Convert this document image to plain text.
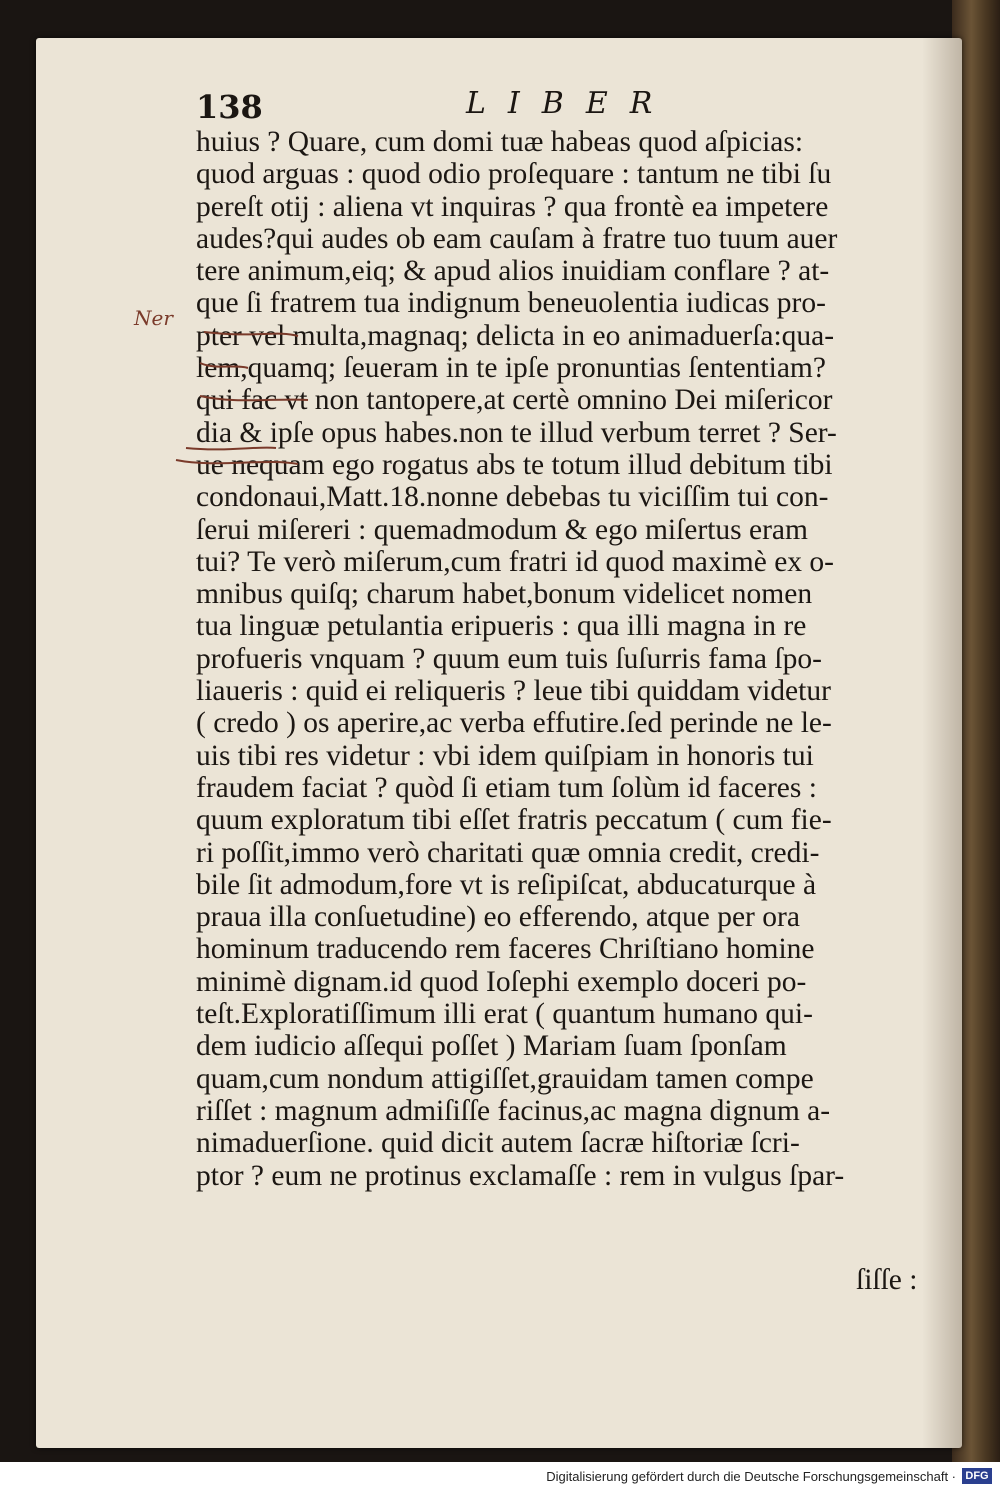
138	LIBER
Ner
huius ? Quare, cum domi tuæ habeas quod aſpicias:
quod arguas : quod odio proſequare : tantum ne tibi ſu
pereſt otij : aliena vt inquiras ? qua frontè ea impetere
audes?qui audes ob eam cauſam à fratre tuo tuum auer
tere animum,eiq; & apud alios inuidiam conflare ? at-
que ſi fratrem tua indignum beneuolentia iudicas pro-
pter vel multa,magnaq; delicta in eo animaduerſa:qua-
lem,quamq; ſeueram in te ipſe pronuntias ſententiam?
qui fac vt non tantopere,at certè omnino Dei miſericor
dia & ipſe opus habes.non te illud verbum terret ? Ser-
ue nequam ego rogatus abs te totum illud debitum tibi
condonaui,Matt.18.nonne debebas tu viciſſim tui con-
ſerui miſereri : quemadmodum & ego miſertus eram
tui? Te verò miſerum,cum fratri id quod maximè ex o-
mnibus quiſq; charum habet,bonum videlicet nomen
tua linguæ petulantia eripueris : qua illi magna in re
profueris vnquam ? quum eum tuis ſuſurris fama ſpo-
liaueris : quid ei reliqueris ? leue tibi quiddam videtur
( credo ) os aperire,ac verba effutire.ſed perinde ne le-
uis tibi res videtur : vbi idem quiſpiam in honoris tui
fraudem faciat ? quòd ſi etiam tum ſolùm id faceres :
quum exploratum tibi eſſet fratris peccatum ( cum fie-
ri poſſit,immo verò charitati quæ omnia credit, credi-
bile ſit admodum,fore vt is reſipiſcat, abducaturque à
praua illa conſuetudine) eo efferendo, atque per ora
hominum traducendo rem faceres Chriſtiano homine
minimè dignam.id quod Ioſephi exemplo doceri po-
teſt.Exploratiſſimum illi erat ( quantum humano qui-
dem iudicio aſſequi poſſet ) Mariam ſuam ſponſam
quam,cum nondum attigiſſet,grauidam tamen compe
riſſet : magnum admiſiſſe facinus,ac magna dignum a-
nimaduerſione. quid dicit autem ſacræ hiſtoriæ ſcri-
ptor ? eum ne protinus exclamaſſe : rem in vulgus ſpar-
ſiſſe :
Digitalisierung gefördert durch die Deutsche Forschungsgemeinschaft · DFG
